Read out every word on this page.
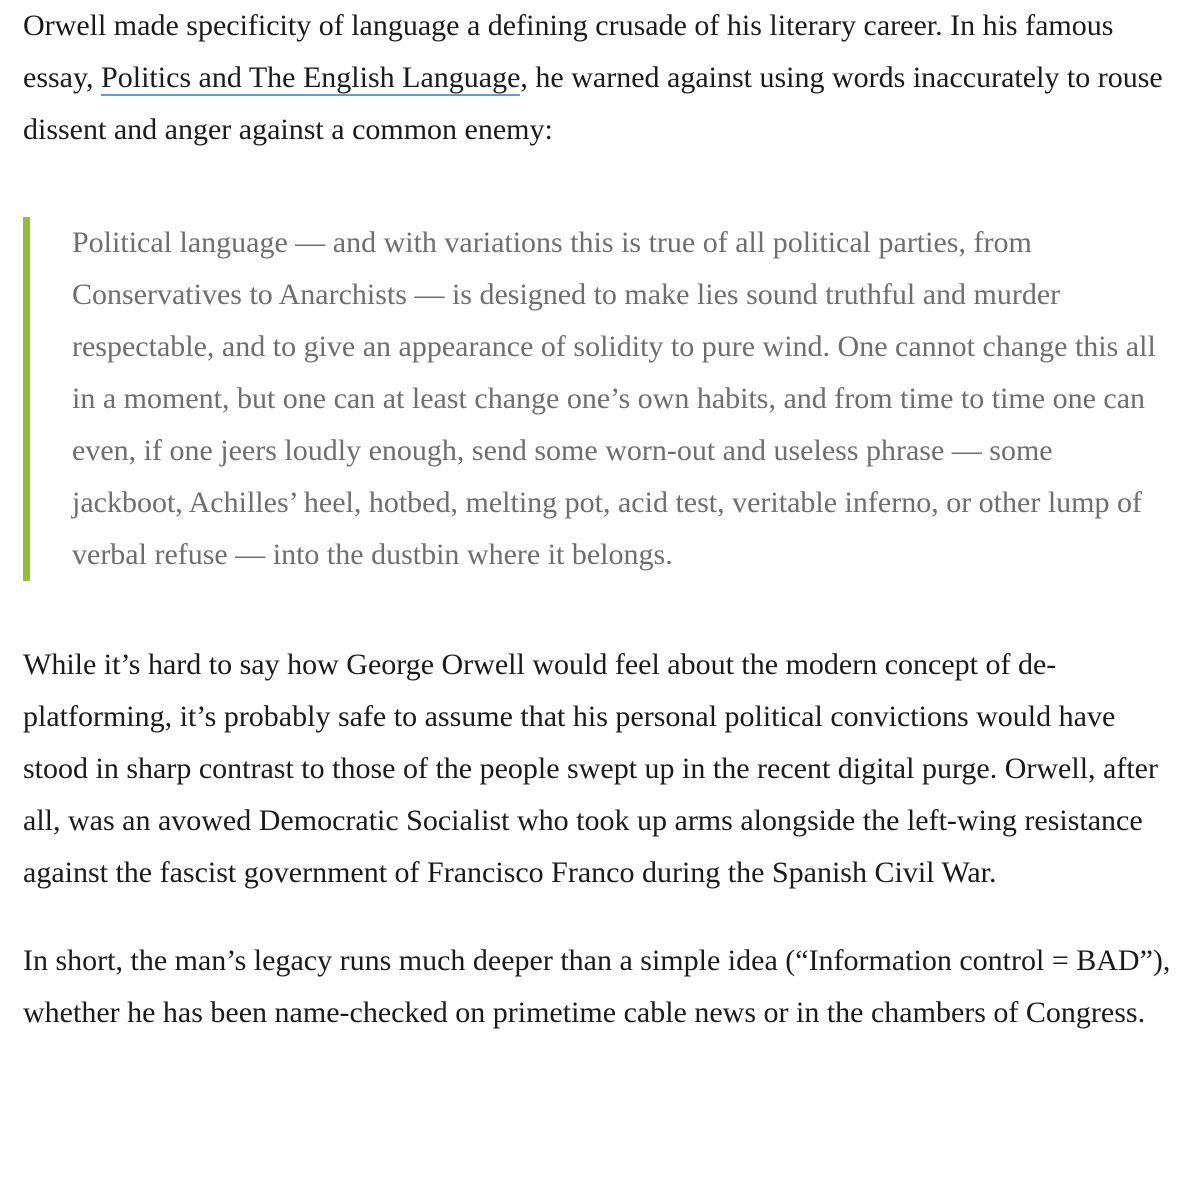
Orwell made specificity of language a defining crusade of his literary career. In his famous essay, Politics and The English Language, he warned against using words inaccurately to rouse dissent and anger against a common enemy:

Political language — and with variations this is true of all political parties, from Conservatives to Anarchists — is designed to make lies sound truthful and murder respectable, and to give an appearance of solidity to pure wind. One cannot change this all in a moment, but one can at least change one’s own habits, and from time to time one can even, if one jeers loudly enough, send some worn-out and useless phrase — some jackboot, Achilles’ heel, hotbed, melting pot, acid test, veritable inferno, or other lump of verbal refuse — into the dustbin where it belongs.

While it’s hard to say how George Orwell would feel about the modern concept of de-platforming, it’s probably safe to assume that his personal political convictions would have stood in sharp contrast to those of the people swept up in the recent digital purge. Orwell, after all, was an avowed Democratic Socialist who took up arms alongside the left-wing resistance against the fascist government of Francisco Franco during the Spanish Civil War.

In short, the man’s legacy runs much deeper than a simple idea (“Information control = BAD”), whether he has been name-checked on primetime cable news or in the chambers of Congress.
